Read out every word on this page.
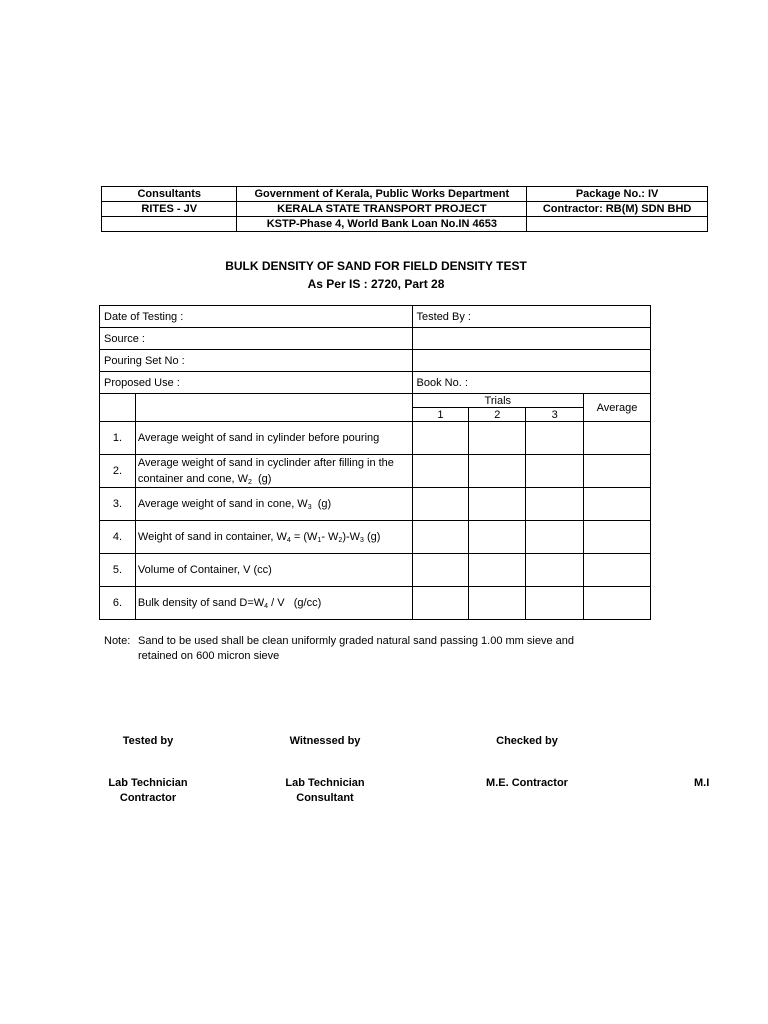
Consultants	Government of Kerala, Public Works Department	Package No.: IV
RITES - JV	KERALA STATE TRANSPORT PROJECT	Contractor: RB(M) SDN BHD
	KSTP-Phase 4, World Bank Loan No.IN 4653	
BULK DENSITY OF SAND FOR FIELD DENSITY TEST
As Per IS : 2720, Part 28
Date of Testing :		Tested By :			
Source :					
Pouring Set No :					
Proposed Use :		Book No. :			
		Trials			Average
		1	2	3	
1.	Average weight of sand in cylinder before pouring				
2.	Average weight of sand in cyclinder after filling in the
container and cone, $W_2$  (g)				
3.	Average weight of sand in cone, $W_3$  (g)				
4.	Weight of sand in container, $W_4 = (W_1-$ $W_2)-W_3$ (g)				
5.	Volume of Container, V (cc)				
6.	Bulk density of sand $D=W_4 / V$   (g/cc)				
Note: Sand to be used shall be clean uniformly graded natural sand passing 1.00 mm sieve and
retained on 600 micron sieve
Tested by	Witnessed by	Checked by
Lab Technician
Contractor
Lab Technician
Consultant
M.E. Contractor	M.I
